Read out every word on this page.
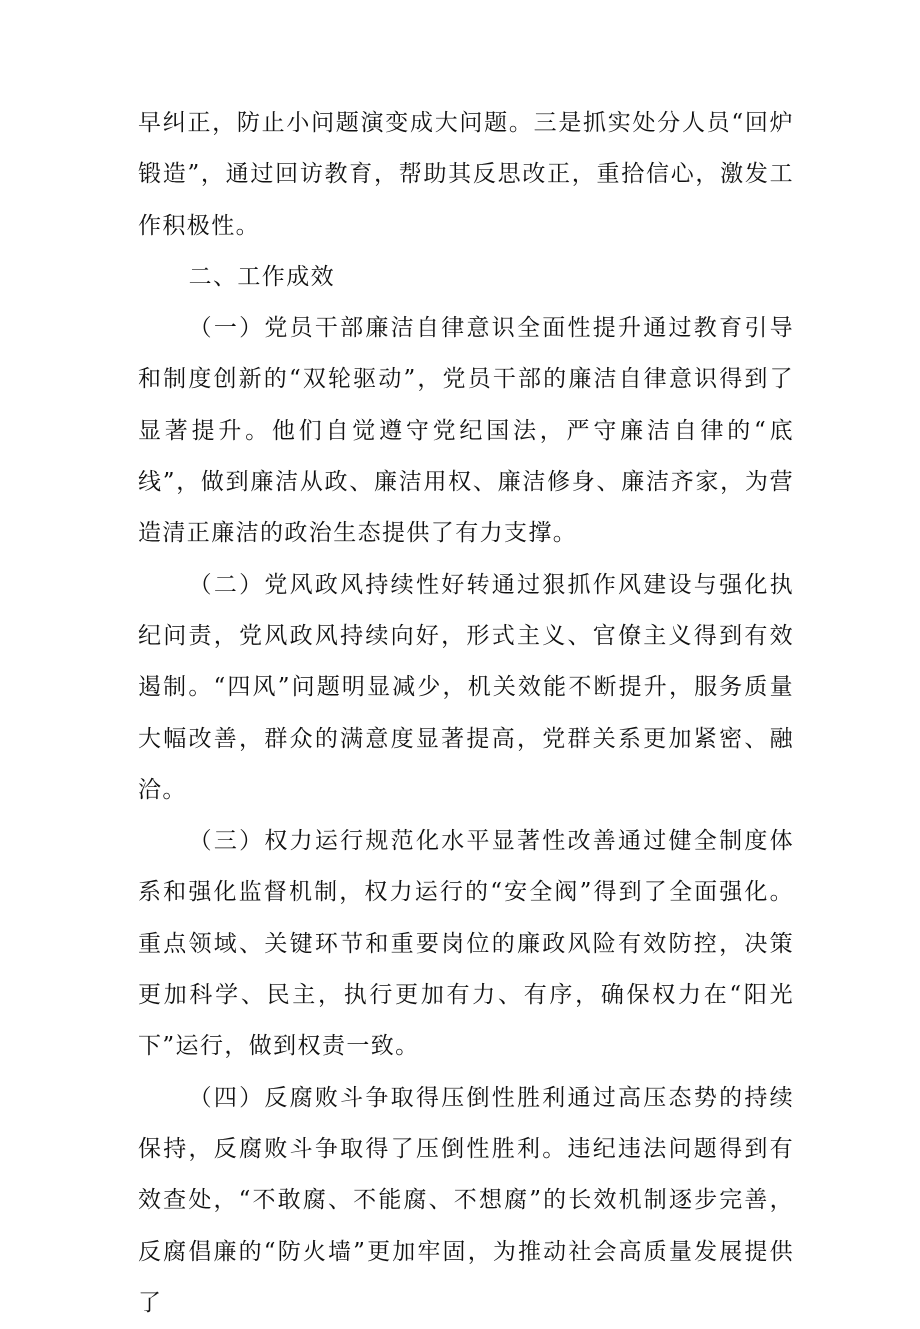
早纠正，防止小问题演变成大问题。三是抓实处分人员“回炉锻造”，通过回访教育，帮助其反思改正，重拾信心，激发工作积极性。

二、工作成效

（一）党员干部廉洁自律意识全面性提升通过教育引导和制度创新的“双轮驱动”，党员干部的廉洁自律意识得到了显著提升。他们自觉遵守党纪国法，严守廉洁自律的“底线”，做到廉洁从政、廉洁用权、廉洁修身、廉洁齐家，为营造清正廉洁的政治生态提供了有力支撑。

（二）党风政风持续性好转通过狠抓作风建设与强化执纪问责，党风政风持续向好，形式主义、官僚主义得到有效遏制。“四风”问题明显减少，机关效能不断提升，服务质量大幅改善，群众的满意度显著提高，党群关系更加紧密、融洽。

（三）权力运行规范化水平显著性改善通过健全制度体系和强化监督机制，权力运行的“安全阀”得到了全面强化。重点领域、关键环节和重要岗位的廉政风险有效防控，决策更加科学、民主，执行更加有力、有序，确保权力在“阳光下”运行，做到权责一致。

（四）反腐败斗争取得压倒性胜利通过高压态势的持续保持，反腐败斗争取得了压倒性胜利。违纪违法问题得到有效查处，“不敢腐、不能腐、不想腐”的长效机制逐步完善，反腐倡廉的“防火墙”更加牢固，为推动社会高质量发展提供了
